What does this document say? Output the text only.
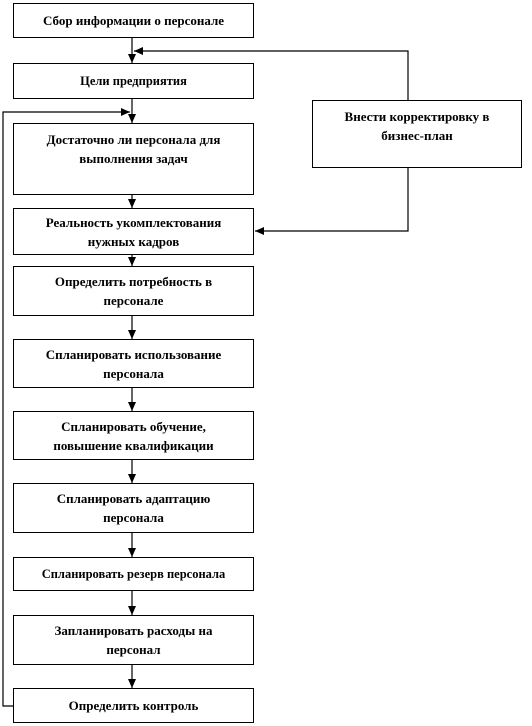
Сбор информации о персонале
Цели предприятия
Достаточно ли персонала для
выполнения задач
Реальность укомплектования
нужных кадров
Определить потребность в
персонале
Спланировать использование
персонала
Спланировать обучение,
повышение квалификации
Спланировать адаптацию
персонала
Спланировать резерв персонала
Запланировать расходы на
персонал
Определить контроль
Внести корректировку в
бизнес-план
